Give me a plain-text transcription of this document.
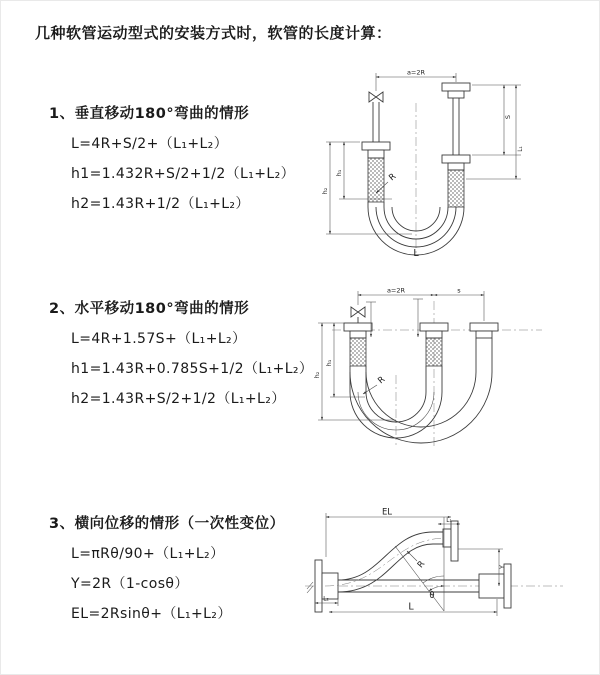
几种软管运动型式的安装方式时，软管的长度计算：
1、垂直移动180°弯曲的情形
L=4R+S/2+（L₁+L₂）
h1=1.432R+S/2+1/2（L₁+L₂）
h2=1.43R+1/2（L₁+L₂）
2、水平移动180°弯曲的情形
L=4R+1.57S+（L₁+L₂）
h1=1.43R+0.785S+1/2（L₁+L₂）
h2=1.43R+S/2+1/2（L₁+L₂）
3、横向位移的情形（一次性变位）
L=πRθ/90+（L₁+L₂）
Y=2R（1-cosθ）
EL=2Rsinθ+（L₁+L₂）
a=2R
h₂
h₁
S
L₁
R
L
a=2R	s
h₂
h₁
R
EL
L₁
Y
L
L₂	θ
R
